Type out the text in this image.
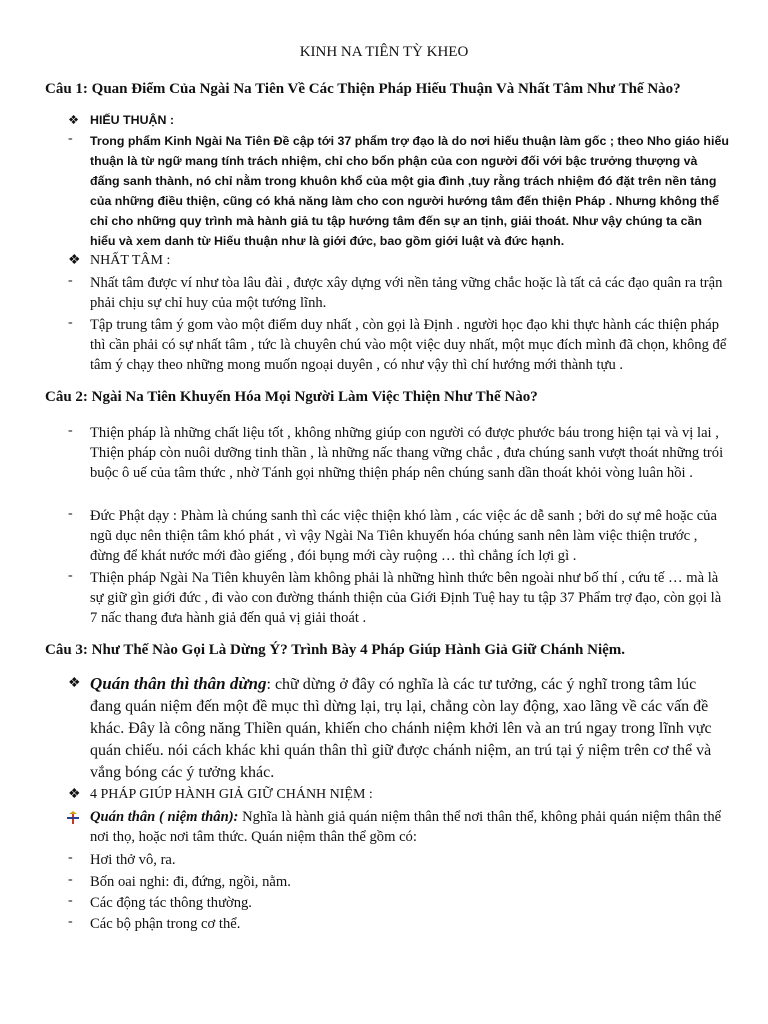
KINH NA TIÊN TỲ KHEO
Câu 1: Quan Điểm Của Ngài Na Tiên Về Các Thiện Pháp Hiếu Thuận Và Nhất Tâm Như Thế Nào?
❖ HIẾU THUẬN :
-	Trong phẩm Kinh Ngài Na Tiên Đề cập tới 37 phẩm trợ đạo là do nơi hiếu thuận làm gốc ; theo Nho giáo hiếu thuận là từ ngữ mang tính trách nhiệm, chỉ cho bổn phận của con người đối với bậc trưởng thượng và đấng sanh thành, nó chỉ nằm trong khuôn khổ của một gia đình ,tuy rằng trách nhiệm đó đặt trên nền tảng của những điều thiện, cũng có khả năng làm cho con người hướng tâm đến thiện Pháp . Nhưng không thể chỉ cho những quy trình mà hành giả tu tập hướng tâm đến sự an tịnh, giải thoát. Như vậy chúng ta cần hiểu và xem danh từ Hiếu thuận như là giới đức, bao gồm giới luật và đức hạnh.
❖ NHẤT TÂM :
-	Nhất tâm được ví như tòa lâu đài , được xây dựng với nền tảng vững chắc hoặc là tất cả các đạo quân ra trận phải chịu sự chỉ huy của một tướng lĩnh.
-	Tập trung tâm ý gom vào một điểm duy nhất , còn gọi là Định . người học đạo khi thực hành các thiện pháp thì cần phải có sự nhất tâm , tức là chuyên chú vào một việc duy nhất, một mục đích mình đã chọn, không để tâm ý chạy theo những mong muốn ngoại duyên , có như vậy thì chí hướng mới thành tựu .
Câu 2: Ngài Na Tiên Khuyến Hóa Mọi Người Làm Việc Thiện Như Thế Nào?
-	Thiện pháp là những chất liệu tốt , không những giúp con người có được phước báu trong hiện tại và vị lai , Thiện pháp còn nuôi dưỡng tinh thần , là những nấc thang vững chắc , đưa chúng sanh vượt thoát những trói buộc ô uế của tâm thức , nhờ Tánh gọi những thiện pháp nên chúng sanh dần thoát khỏi vòng luân hồi .
-	Đức Phật dạy : Phàm là chúng sanh thì các việc thiện khó làm , các việc ác dễ sanh ; bởi do sự mê hoặc của ngũ dục nên thiện tâm khó phát , vì vậy Ngài Na Tiên khuyến hóa chúng sanh nên làm việc thiện trước , đừng để khát nước mới đào giếng , đói bụng mới cày ruộng … thì chẳng ích lợi gì .
-	Thiện pháp Ngài Na Tiên khuyên làm không phải là những hình thức bên ngoài như bố thí , cứu tế … mà là sự giữ gìn giới đức , đi vào con đường thánh thiện của Giới Định Tuệ hay tu tập 37 Phẩm trợ đạo, còn gọi là 7 nấc thang đưa hành giả đến quả vị giải thoát .
Câu 3: Như Thế Nào Gọi Là Dừng Ý? Trình Bày 4 Pháp Giúp Hành Giả Giữ Chánh Niệm.
❖ Quán thân thì thân dừng: chữ dừng ở đây có nghĩa là các tư tưởng, các ý nghĩ trong tâm lúc đang quán niệm đến một đề mục thì dừng lại, trụ lại, chẳng còn lay động, xao lãng về các vấn đề khác. Đây là công năng Thiền quán, khiến cho chánh niệm khởi lên và an trú ngay trong lĩnh vực quán chiếu. nói cách khác khi quán thân thì giữ được chánh niệm, an trú tại ý niệm trên cơ thể và vắng bóng các ý tưởng khác.
❖ 4 PHÁP GIÚP HÀNH GIẢ GIỮ CHÁNH NIỆM :
Quán thân ( niệm thân): Nghĩa là hành giả quán niệm thân thể nơi thân thể, không phải quán niệm thân thể nơi thọ, hoặc nơi tâm thức. Quán niệm thân thể gồm có:
-	Hơi thở vô, ra.
-	Bốn oai nghi: đi, đứng, ngồi, nằm.
-	Các động tác thông thường.
-	Các bộ phận trong cơ thể.
